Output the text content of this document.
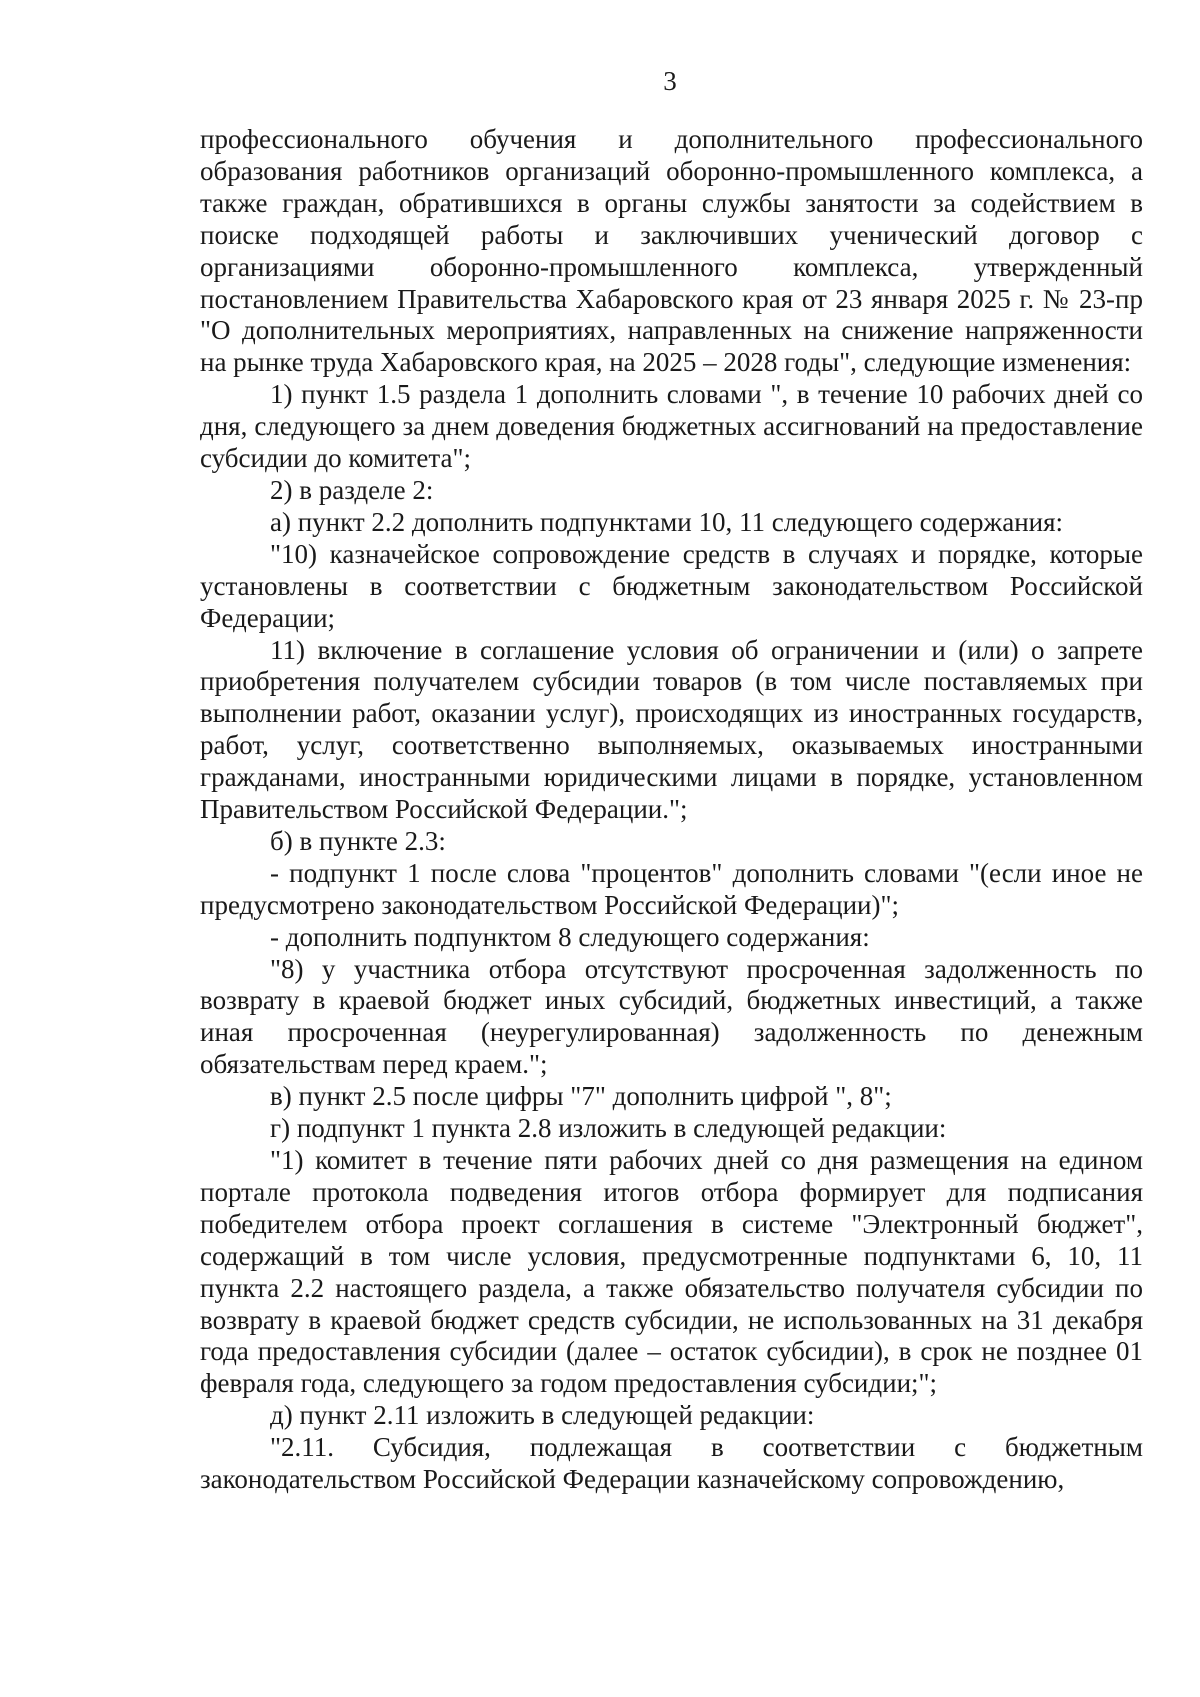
3

профессионального обучения и дополнительного профессионального образования работников организаций оборонно-промышленного комплекса, а также граждан, обратившихся в органы службы занятости за содействием в поиске подходящей работы и заключивших ученический договор с организациями оборонно-промышленного комплекса, утвержденный постановлением Правительства Хабаровского края от 23 января 2025 г. № 23-пр "О дополнительных мероприятиях, направленных на снижение напряженности на рынке труда Хабаровского края, на 2025 – 2028 годы", следующие изменения:

1) пункт 1.5 раздела 1 дополнить словами ", в течение 10 рабочих дней со дня, следующего за днем доведения бюджетных ассигнований на предоставление субсидии до комитета";

2) в разделе 2:

а) пункт 2.2 дополнить подпунктами 10, 11 следующего содержания:

"10) казначейское сопровождение средств в случаях и порядке, которые установлены в соответствии с бюджетным законодательством Российской Федерации;

11) включение в соглашение условия об ограничении и (или) о запрете приобретения получателем субсидии товаров (в том числе поставляемых при выполнении работ, оказании услуг), происходящих из иностранных государств, работ, услуг, соответственно выполняемых, оказываемых иностранными гражданами, иностранными юридическими лицами в порядке, установленном Правительством Российской Федерации.";

б) в пункте 2.3:

- подпункт 1 после слова "процентов" дополнить словами "(если иное не предусмотрено законодательством Российской Федерации)";

- дополнить подпунктом 8 следующего содержания:

"8) у участника отбора отсутствуют просроченная задолженность по возврату в краевой бюджет иных субсидий, бюджетных инвестиций, а также иная просроченная (неурегулированная) задолженность по денежным обязательствам перед краем.";

в) пункт 2.5 после цифры "7" дополнить цифрой ", 8";

г) подпункт 1 пункта 2.8 изложить в следующей редакции:

"1) комитет в течение пяти рабочих дней со дня размещения на едином портале протокола подведения итогов отбора формирует для подписания победителем отбора проект соглашения в системе "Электронный бюджет", содержащий в том числе условия, предусмотренные подпунктами 6, 10, 11 пункта 2.2 настоящего раздела, а также обязательство получателя субсидии по возврату в краевой бюджет средств субсидии, не использованных на 31 декабря года предоставления субсидии (далее – остаток субсидии), в срок не позднее 01 февраля года, следующего за годом предоставления субсидии;";

д) пункт 2.11 изложить в следующей редакции:

"2.11. Субсидия, подлежащая в соответствии с бюджетным законодательством Российской Федерации казначейскому сопровождению,
